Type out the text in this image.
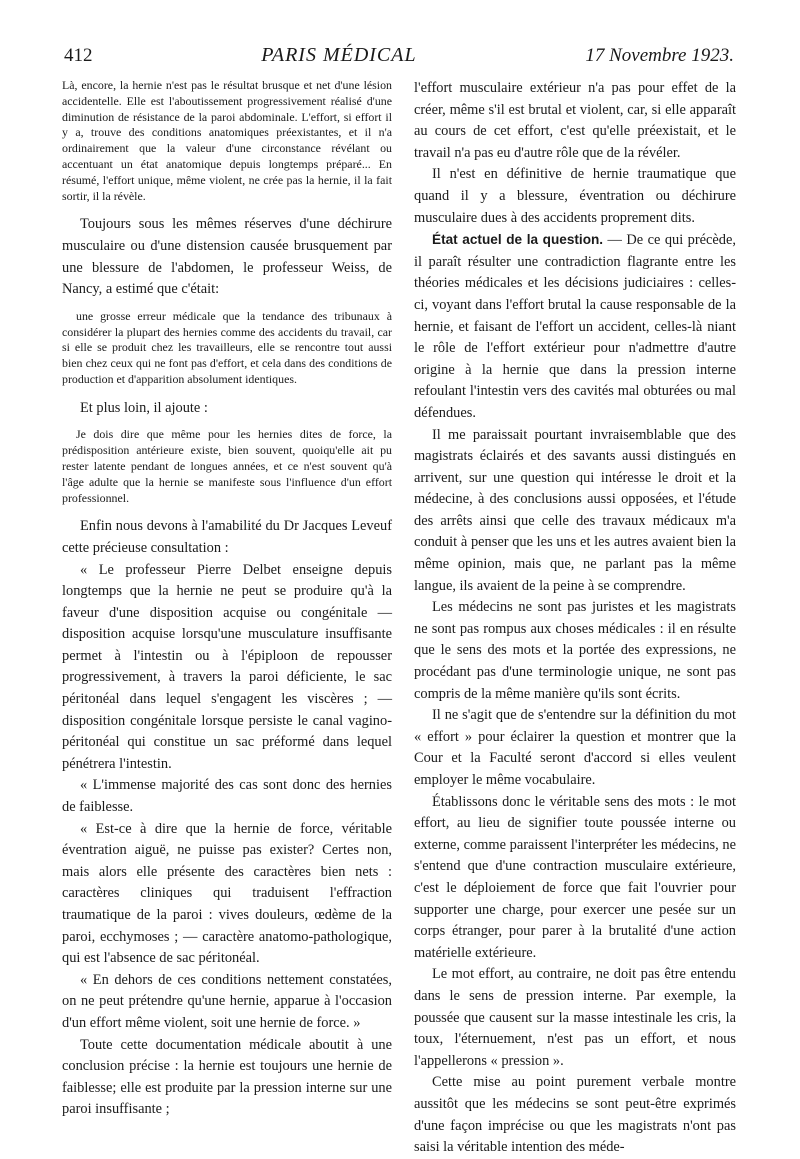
412	PARIS MÉDICAL	17 Novembre 1923.

Là, encore, la hernie n'est pas le résultat brusque et net d'une lésion accidentelle. Elle est l'aboutissement progressivement réalisé d'une diminution de résistance de la paroi abdominale. L'effort, si effort il y a, trouve des conditions anatomiques préexistantes, et il n'a ordinairement que la valeur d'une circonstance révélant ou accentuant un état anatomique depuis longtemps préparé... En résumé, l'effort unique, même violent, ne crée pas la hernie, il la fait sortir, il la révèle.

Toujours sous les mêmes réserves d'une déchirure musculaire ou d'une distension causée brusquement par une blessure de l'abdomen, le professeur Weiss, de Nancy, a estimé que c'était:

une grosse erreur médicale que la tendance des tribunaux à considérer la plupart des hernies comme des accidents du travail, car si elle se produit chez les travailleurs, elle se rencontre tout aussi bien chez ceux qui ne font pas d'effort, et cela dans des conditions de production et d'apparition absolument identiques.

Et plus loin, il ajoute :

Je dois dire que même pour les hernies dites de force, la prédisposition antérieure existe, bien souvent, quoiqu'elle ait pu rester latente pendant de longues années, et ce n'est souvent qu'à l'âge adulte que la hernie se manifeste sous l'influence d'un effort professionnel.

Enfin nous devons à l'amabilité du Dr Jacques Leveuf cette précieuse consultation :

« Le professeur Pierre Delbet enseigne depuis longtemps que la hernie ne peut se produire qu'à la faveur d'une disposition acquise ou congénitale — disposition acquise lorsqu'une musculature insuffisante permet à l'intestin ou à l'épiploon de repousser progressivement, à travers la paroi déficiente, le sac péritonéal dans lequel s'engagent les viscères ; — disposition congénitale lorsque persiste le canal vagino-péritonéal qui constitue un sac préformé dans lequel pénétrera l'intestin.

« L'immense majorité des cas sont donc des hernies de faiblesse.

« Est-ce à dire que la hernie de force, véritable éventration aiguë, ne puisse pas exister? Certes non, mais alors elle présente des caractères bien nets : caractères cliniques qui traduisent l'effraction traumatique de la paroi : vives douleurs, œdème de la paroi, ecchymoses ; — caractère anatomo-pathologique, qui est l'absence de sac péritonéal.

« En dehors de ces conditions nettement constatées, on ne peut prétendre qu'une hernie, apparue à l'occasion d'un effort même violent, soit une hernie de force. »

Toute cette documentation médicale aboutit à une conclusion précise : la hernie est toujours une hernie de faiblesse; elle est produite par la pression interne sur une paroi insuffisante ;

l'effort musculaire extérieur n'a pas pour effet de la créer, même s'il est brutal et violent, car, si elle apparaît au cours de cet effort, c'est qu'elle préexistait, et le travail n'a pas eu d'autre rôle que de la révéler.

Il n'est en définitive de hernie traumatique que quand il y a blessure, éventration ou déchirure musculaire dues à des accidents proprement dits.

État actuel de la question. — De ce qui précède, il paraît résulter une contradiction flagrante entre les théories médicales et les décisions judiciaires : celles-ci, voyant dans l'effort brutal la cause responsable de la hernie, et faisant de l'effort un accident, celles-là niant le rôle de l'effort extérieur pour n'admettre d'autre origine à la hernie que dans la pression interne refoulant l'intestin vers des cavités mal obturées ou mal défendues.

Il me paraissait pourtant invraisemblable que des magistrats éclairés et des savants aussi distingués en arrivent, sur une question qui intéresse le droit et la médecine, à des conclusions aussi opposées, et l'étude des arrêts ainsi que celle des travaux médicaux m'a conduit à penser que les uns et les autres avaient bien la même opinion, mais que, ne parlant pas la même langue, ils avaient de la peine à se comprendre.

Les médecins ne sont pas juristes et les magistrats ne sont pas rompus aux choses médicales : il en résulte que le sens des mots et la portée des expressions, ne procédant pas d'une terminologie unique, ne sont pas compris de la même manière qu'ils sont écrits.

Il ne s'agit que de s'entendre sur la définition du mot « effort » pour éclairer la question et montrer que la Cour et la Faculté seront d'accord si elles veulent employer le même vocabulaire.

Établissons donc le véritable sens des mots : le mot effort, au lieu de signifier toute poussée interne ou externe, comme paraissent l'interpréter les médecins, ne s'entend que d'une contraction musculaire extérieure, c'est le déploiement de force que fait l'ouvrier pour supporter une charge, pour exercer une pesée sur un corps étranger, pour parer à la brutalité d'une action matérielle extérieure.

Le mot effort, au contraire, ne doit pas être entendu dans le sens de pression interne. Par exemple, la poussée que causent sur la masse intestinale les cris, la toux, l'éternuement, n'est pas un effort, et nous l'appellerons « pression ».

Cette mise au point purement verbale montre aussitôt que les médecins se sont peut-être exprimés d'une façon imprécise ou que les magistrats n'ont pas saisi la véritable intention des méde-
